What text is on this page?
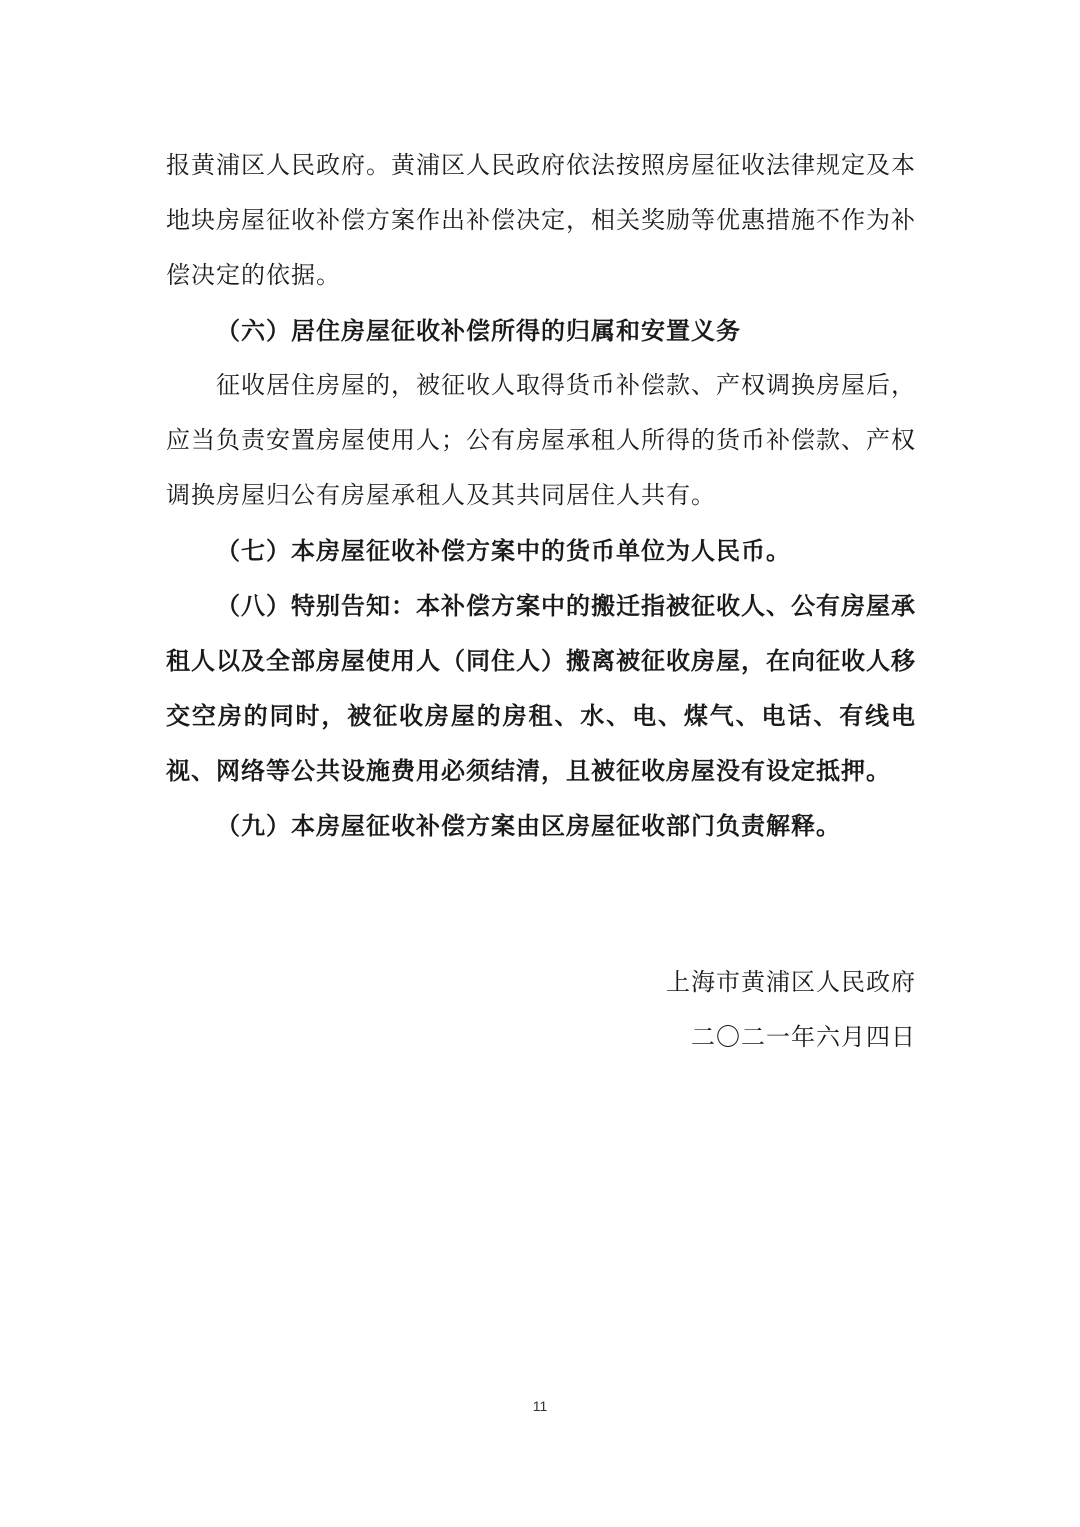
报黄浦区人民政府。黄浦区人民政府依法按照房屋征收法律规定及本地块房屋征收补偿方案作出补偿决定，相关奖励等优惠措施不作为补偿决定的依据。

（六）居住房屋征收补偿所得的归属和安置义务

征收居住房屋的，被征收人取得货币补偿款、产权调换房屋后，应当负责安置房屋使用人；公有房屋承租人所得的货币补偿款、产权调换房屋归公有房屋承租人及其共同居住人共有。

（七）本房屋征收补偿方案中的货币单位为人民币。

（八）特别告知：本补偿方案中的搬迁指被征收人、公有房屋承租人以及全部房屋使用人（同住人）搬离被征收房屋，在向征收人移交空房的同时，被征收房屋的房租、水、电、煤气、电话、有线电视、网络等公共设施费用必须结清，且被征收房屋没有设定抵押。

（九）本房屋征收补偿方案由区房屋征收部门负责解释。

上海市黄浦区人民政府
二〇二一年六月四日
11
